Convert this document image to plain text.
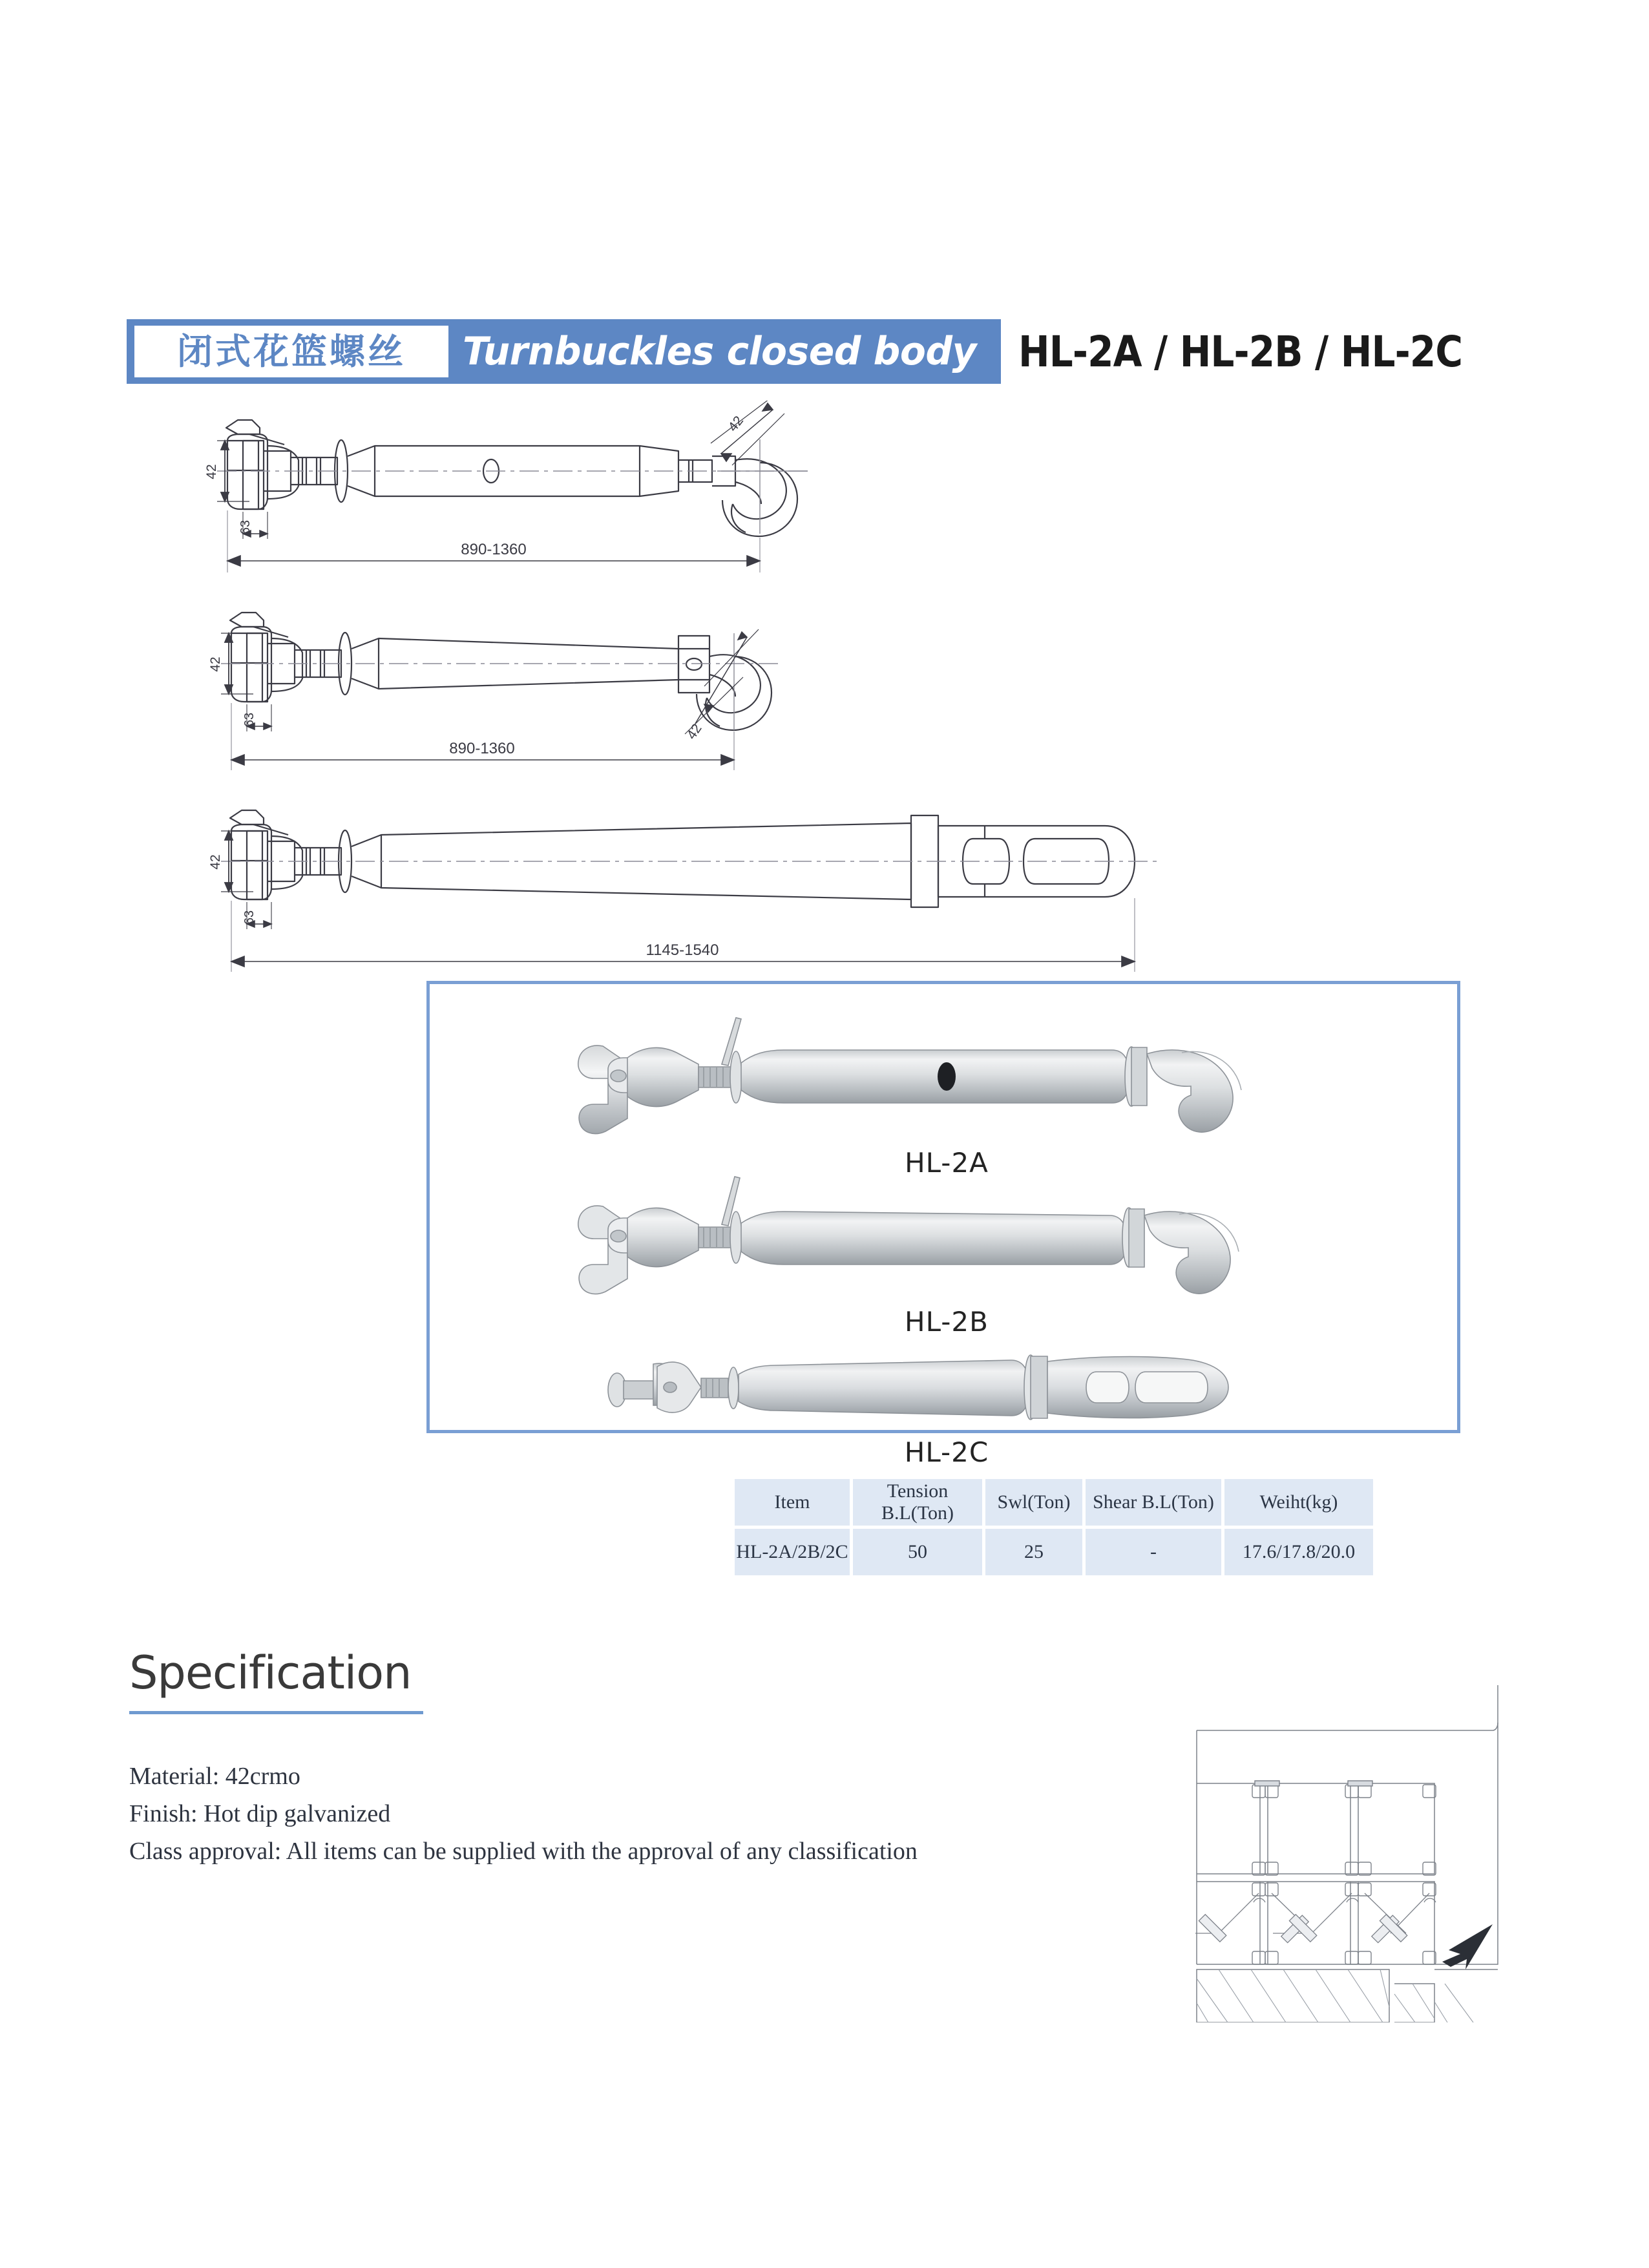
闭式花篮螺丝 Turnbuckles closed body HL-2A / HL-2B / HL-2C
42
63
42
890-1360
42
63
42
890-1360
42
63
1145-1540
HL-2A
HL-2B
HL-2C
Item	Tension B.L(Ton)	Swl(Ton)	Shear B.L(Ton)	Weiht(kg)
HL-2A/2B/2C	50	25	-	17.6/17.8/20.0
Specification
Material: 42crmo
Finish: Hot dip galvanized
Class approval: All items can be supplied with the approval of any classification
